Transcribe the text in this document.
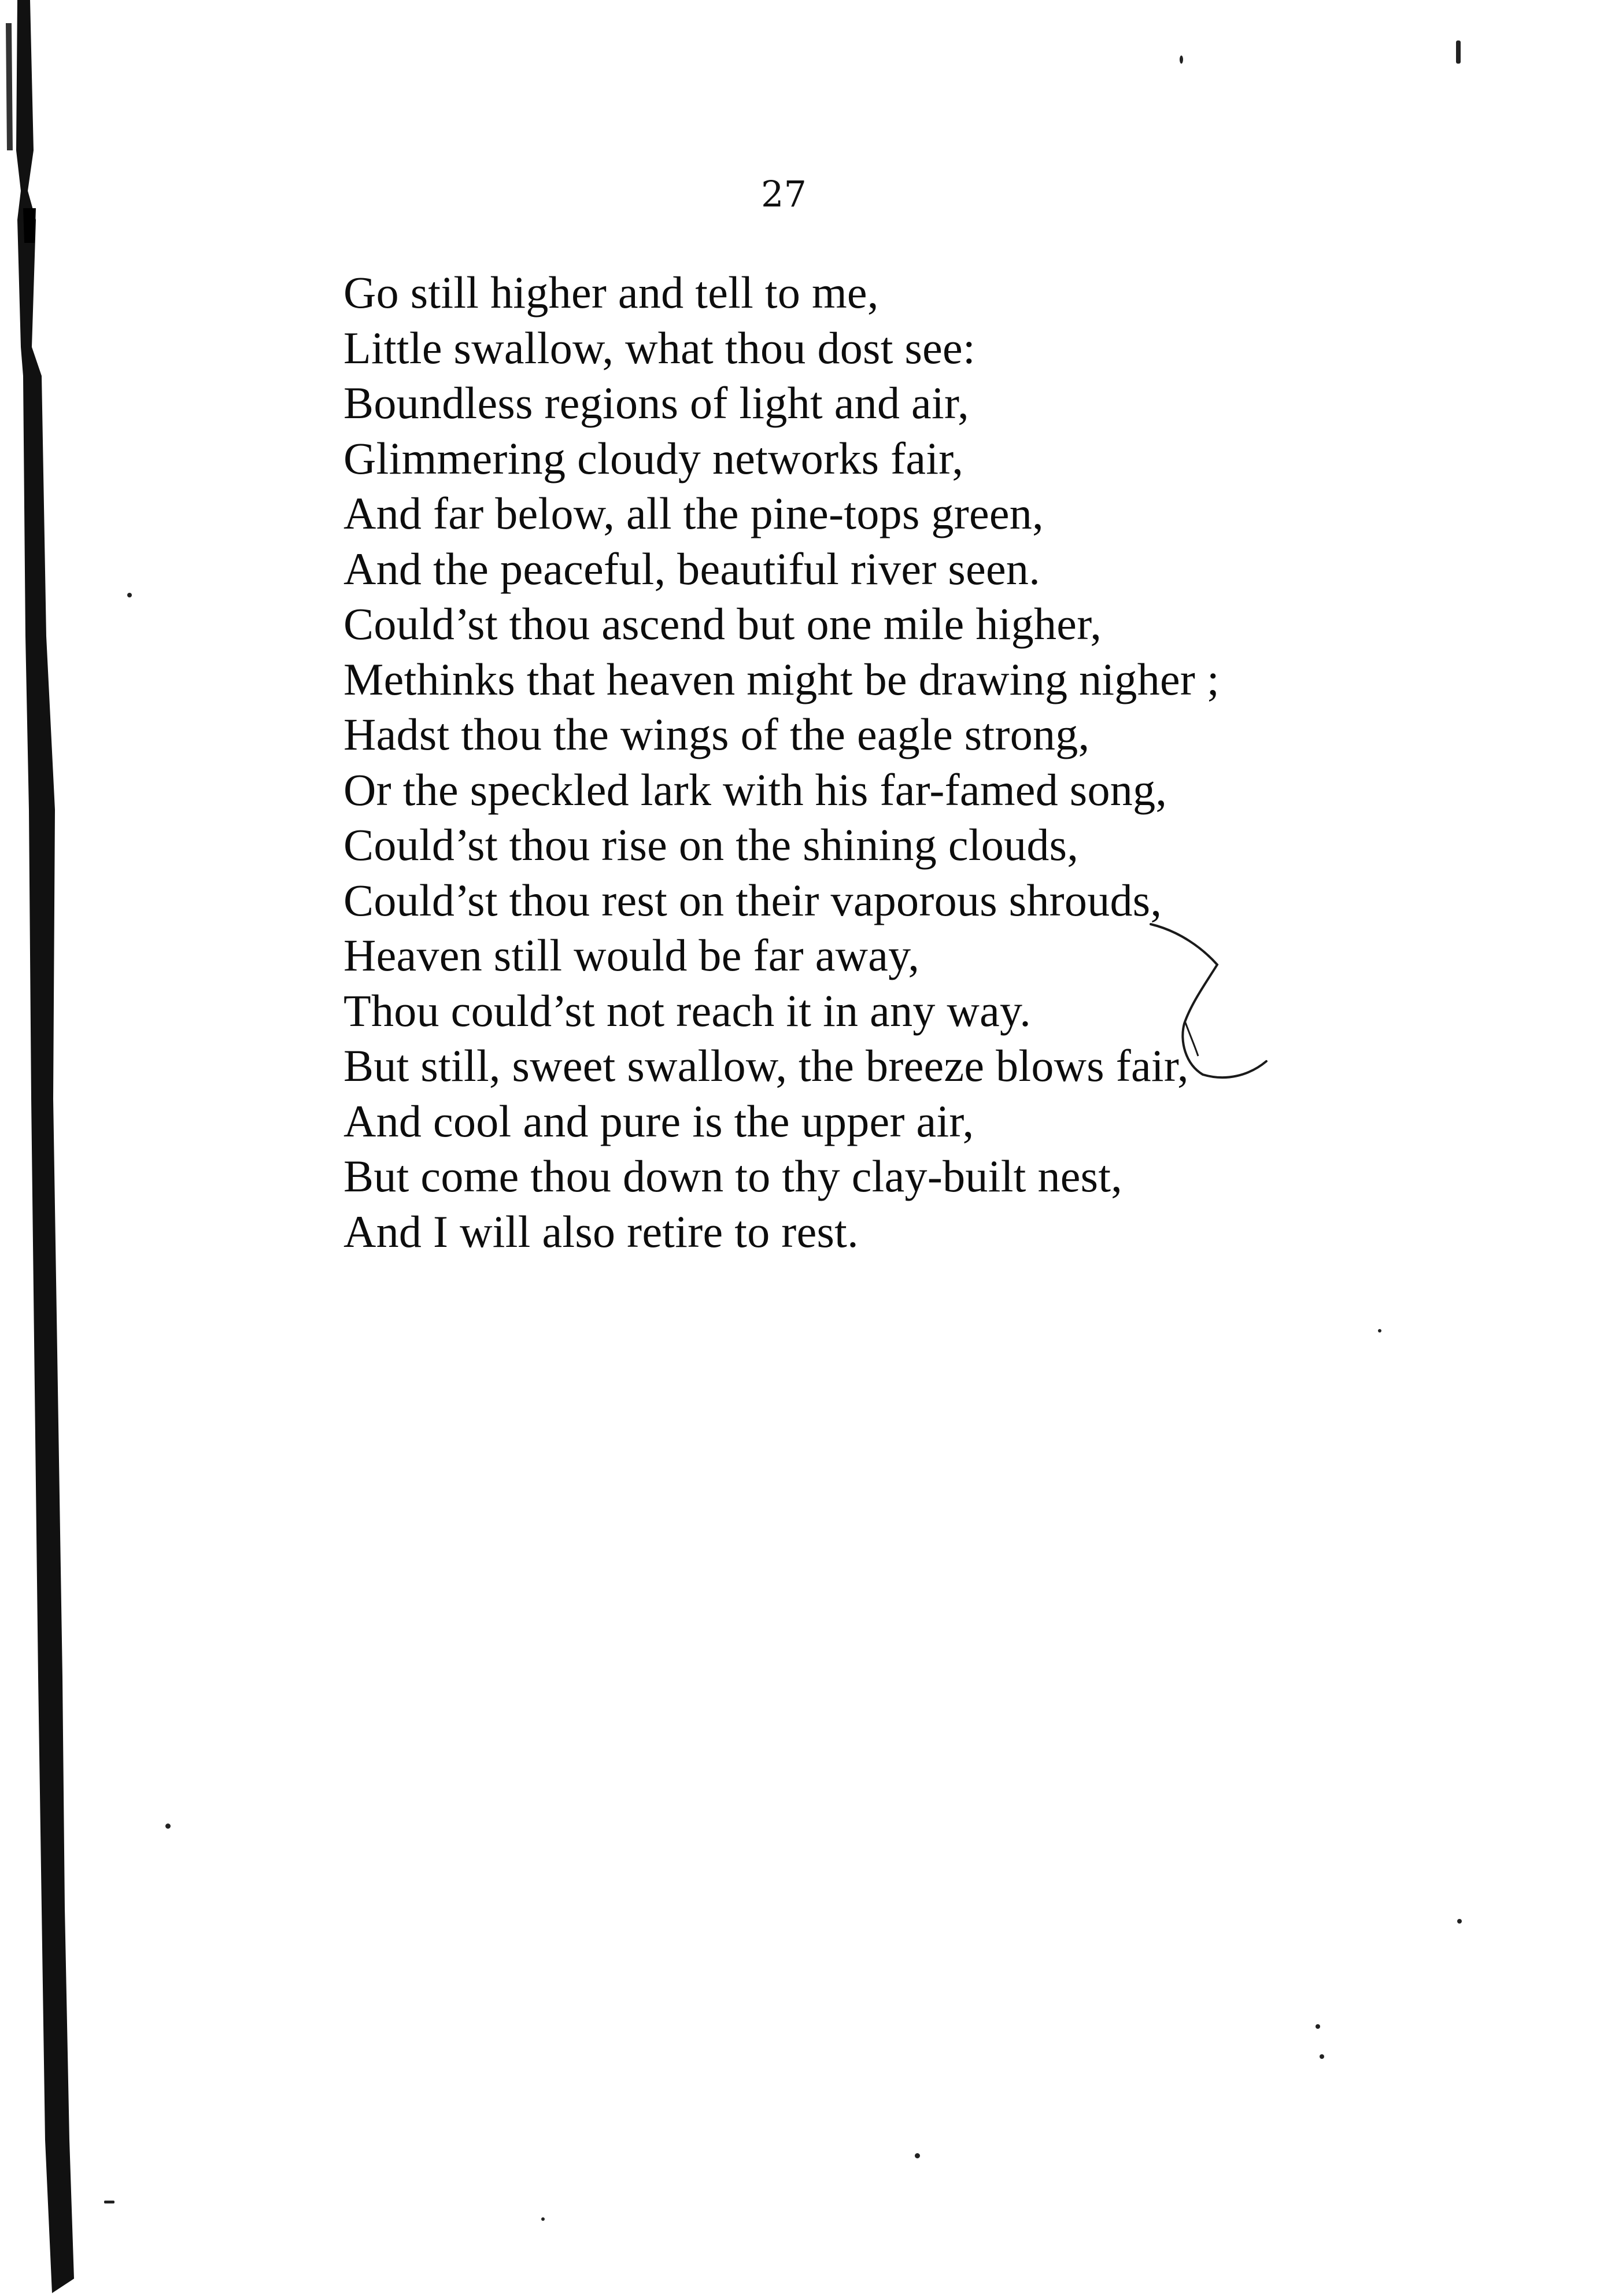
27
Go still higher and tell to me,
Little swallow, what thou dost see:
Boundless regions of light and air,
Glimmering cloudy networks fair,
And far below, all the pine-tops green,
And the peaceful, beautiful river seen.
Could’st thou ascend but one mile higher,
Methinks that heaven might be drawing nigher ;
Hadst thou the wings of the eagle strong,
Or the speckled lark with his far-famed song,
Could’st thou rise on the shining clouds,
Could’st thou rest on their vaporous shrouds,
Heaven still would be far away,
Thou could’st not reach it in any way.
But still, sweet swallow, the breeze blows fair,
And cool and pure is the upper air,
But come thou down to thy clay-built nest,
And I will also retire to rest.
